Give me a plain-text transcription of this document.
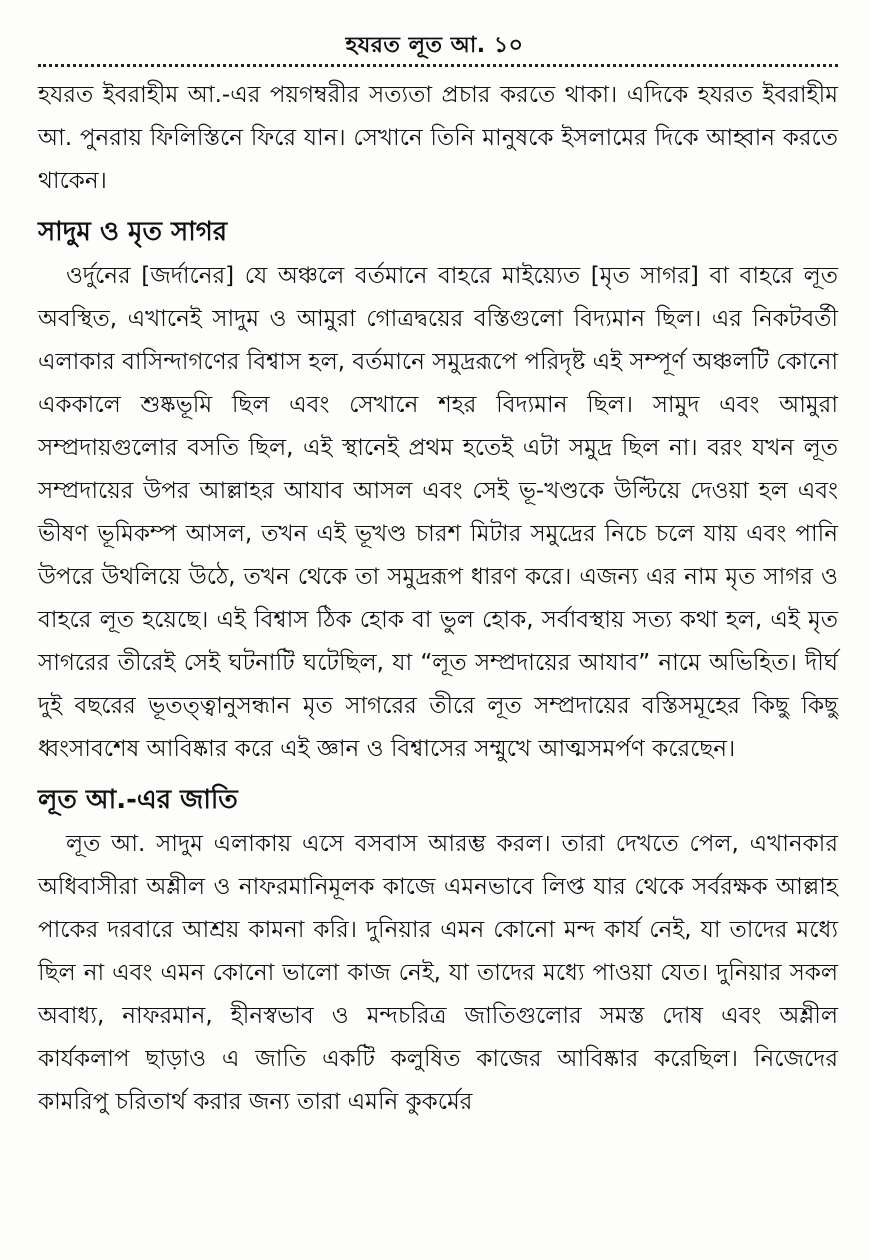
হযরত লূত আ. ১০

হযরত ইবরাহীম আ.-এর পয়গম্বরীর সত্যতা প্রচার করতে থাকা। এদিকে হযরত ইবরাহীম আ. পুনরায় ফিলিস্তিনে ফিরে যান। সেখানে তিনি মানুষকে ইসলামের দিকে আহ্বান করতে থাকেন।

সাদুম ও মৃত সাগর

ওর্দুনের [জর্দানের] যে অঞ্চলে বর্তমানে বাহরে মাইয়্যেত [মৃত সাগর] বা বাহরে লূত অবস্থিত, এখানেই সাদুম ও আমুরা গোত্রদ্বয়ের বস্তিগুলো বিদ্যমান ছিল। এর নিকটবর্তী এলাকার বাসিন্দাগণের বিশ্বাস হল, বর্তমানে সমুদ্ররূপে পরিদৃষ্ট এই সম্পূর্ণ অঞ্চলটি কোনো এককালে শুষ্কভূমি ছিল এবং সেখানে শহর বিদ্যমান ছিল। সামুদ এবং আমুরা সম্প্রদায়গুলোর বসতি ছিল, এই স্থানেই প্রথম হতেই এটা সমুদ্র ছিল না। বরং যখন লূত সম্প্রদায়ের উপর আল্লাহর আযাব আসল এবং সেই ভূ-খণ্ডকে উল্টিয়ে দেওয়া হল এবং ভীষণ ভূমিকম্প আসল, তখন এই ভূখণ্ড চারশ মিটার সমুদ্রের নিচে চলে যায় এবং পানি উপরে উথলিয়ে উঠে, তখন থেকে তা সমুদ্ররূপ ধারণ করে। এজন্য এর নাম মৃত সাগর ও বাহরে লূত হয়েছে। এই বিশ্বাস ঠিক হোক বা ভুল হোক, সর্বাবস্থায় সত্য কথা হল, এই মৃত সাগরের তীরেই সেই ঘটনাটি ঘটেছিল, যা “লূত সম্প্রদায়ের আযাব” নামে অভিহিত। দীর্ঘ দুই বছরের ভূতত্ত্বানুসন্ধান মৃত সাগরের তীরে লূত সম্প্রদায়ের বস্তিসমূহের কিছু কিছু ধ্বংসাবশেষ আবিষ্কার করে এই জ্ঞান ও বিশ্বাসের সম্মুখে আত্মসমর্পণ করেছেন।

লূত আ.-এর জাতি

লূত আ. সাদুম এলাকায় এসে বসবাস আরম্ভ করল। তারা দেখতে পেল, এখানকার অধিবাসীরা অশ্লীল ও নাফরমানিমূলক কাজে এমনভাবে লিপ্ত যার থেকে সর্বরক্ষক আল্লাহ পাকের দরবারে আশ্রয় কামনা করি। দুনিয়ার এমন কোনো মন্দ কার্য নেই, যা তাদের মধ্যে ছিল না এবং এমন কোনো ভালো কাজ নেই, যা তাদের মধ্যে পাওয়া যেত। দুনিয়ার সকল অবাধ্য, নাফরমান, হীনস্বভাব ও মন্দচরিত্র জাতিগুলোর সমস্ত দোষ এবং অশ্লীল কার্যকলাপ ছাড়াও এ জাতি একটি কলুষিত কাজের আবিষ্কার করেছিল। নিজেদের কামরিপু চরিতার্থ করার জন্য তারা এমনি কুকর্মের
